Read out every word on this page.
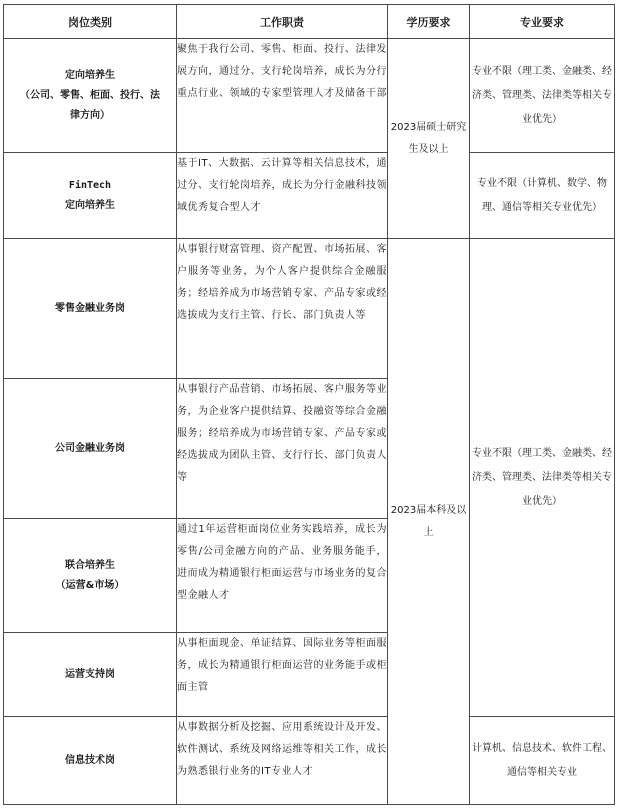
岗位类别	工作职责	学历要求	专业要求

定向培养生
（公司、零售、柜面、投行、法
律方向）	聚焦于我行公司、零售、柜面、投行、法律发展方向，通过分、支行轮岗培养，成长为分行重点行业、领域的专家型管理人才及储备干部	2023届硕士研究生及以上	专业不限（理工类、金融类、经济类、管理类、法律类等相关专业优先）

FinTech
定向培养生	基于IT、大数据、云计算等相关信息技术，通过分、支行轮岗培养，成长为分行金融科技领域优秀复合型人才		专业不限（计算机、数学、物理、通信等相关专业优先）

零售金融业务岗	从事银行财富管理、资产配置、市场拓展、客户服务等业务，为个人客户提供综合金融服务；经培养成为市场营销专家、产品专家或经选拔成为支行主管、行长、部门负责人等	2023届本科及以上	专业不限（理工类、金融类、经济类、管理类、法律类等相关专业优先）

公司金融业务岗	从事银行产品营销、市场拓展、客户服务等业务，为企业客户提供结算、投融资等综合金融服务；经培养成为市场营销专家、产品专家或经选拔成为团队主管、支行行长、部门负责人等		

联合培养生
（运营&市场）	通过1年运营柜面岗位业务实践培养，成长为零售/公司金融方向的产品、业务服务能手，进而成为精通银行柜面运营与市场业务的复合型金融人才		

运营支持岗	从事柜面现金、单证结算、国际业务等柜面服务，成长为精通银行柜面运营的业务能手或柜面主管		

信息技术岗	从事数据分析及挖掘、应用系统设计及开发、软件测试、系统及网络运维等相关工作，成长为熟悉银行业务的IT专业人才		计算机、信息技术、软件工程、通信等相关专业
